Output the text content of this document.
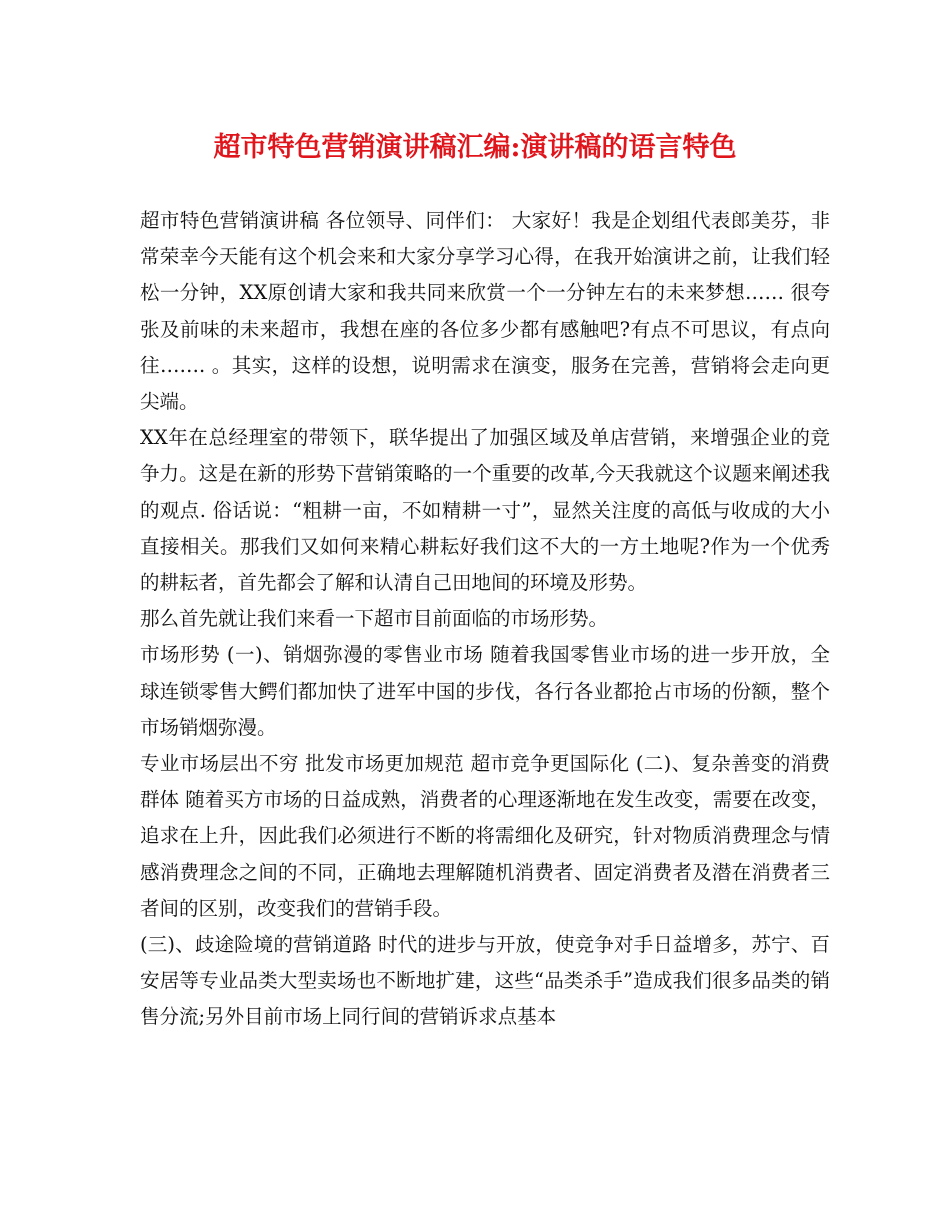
超市特色营销演讲稿汇编:演讲稿的语言特色

超市特色营销演讲稿 各位领导、同伴们： 大家好！我是企划组代表郎美芬，非常荣幸今天能有这个机会来和大家分享学习心得，在我开始演讲之前，让我们轻松一分钟，XX原创请大家和我共同来欣赏一个一分钟左右的未来梦想…… 很夸张及前味的未来超市，我想在座的各位多少都有感触吧?有点不可思议，有点向往……. 。其实，这样的设想，说明需求在演变，服务在完善，营销将会走向更尖端。

XX年在总经理室的带领下，联华提出了加强区域及单店营销，来增强企业的竞争力。这是在新的形势下营销策略的一个重要的改革,今天我就这个议题来阐述我的观点. 俗话说：“粗耕一亩，不如精耕一寸”，显然关注度的高低与收成的大小直接相关。那我们又如何来精心耕耘好我们这不大的一方土地呢?作为一个优秀的耕耘者，首先都会了解和认清自己田地间的环境及形势。

那么首先就让我们来看一下超市目前面临的市场形势。

市场形势 (一)、销烟弥漫的零售业市场 随着我国零售业市场的进一步开放，全球连锁零售大鳄们都加快了进军中国的步伐，各行各业都抢占市场的份额，整个市场销烟弥漫。

专业市场层出不穷 批发市场更加规范 超市竞争更国际化 (二)、复杂善变的消费群体 随着买方市场的日益成熟，消费者的心理逐渐地在发生改变，需要在改变，追求在上升，因此我们必须进行不断的将需细化及研究，针对物质消费理念与情感消费理念之间的不同，正确地去理解随机消费者、固定消费者及潜在消费者三者间的区别，改变我们的营销手段。

(三)、歧途险境的营销道路 时代的进步与开放，使竞争对手日益增多，苏宁、百安居等专业品类大型卖场也不断地扩建，这些“品类杀手”造成我们很多品类的销售分流;另外目前市场上同行间的营销诉求点基本
